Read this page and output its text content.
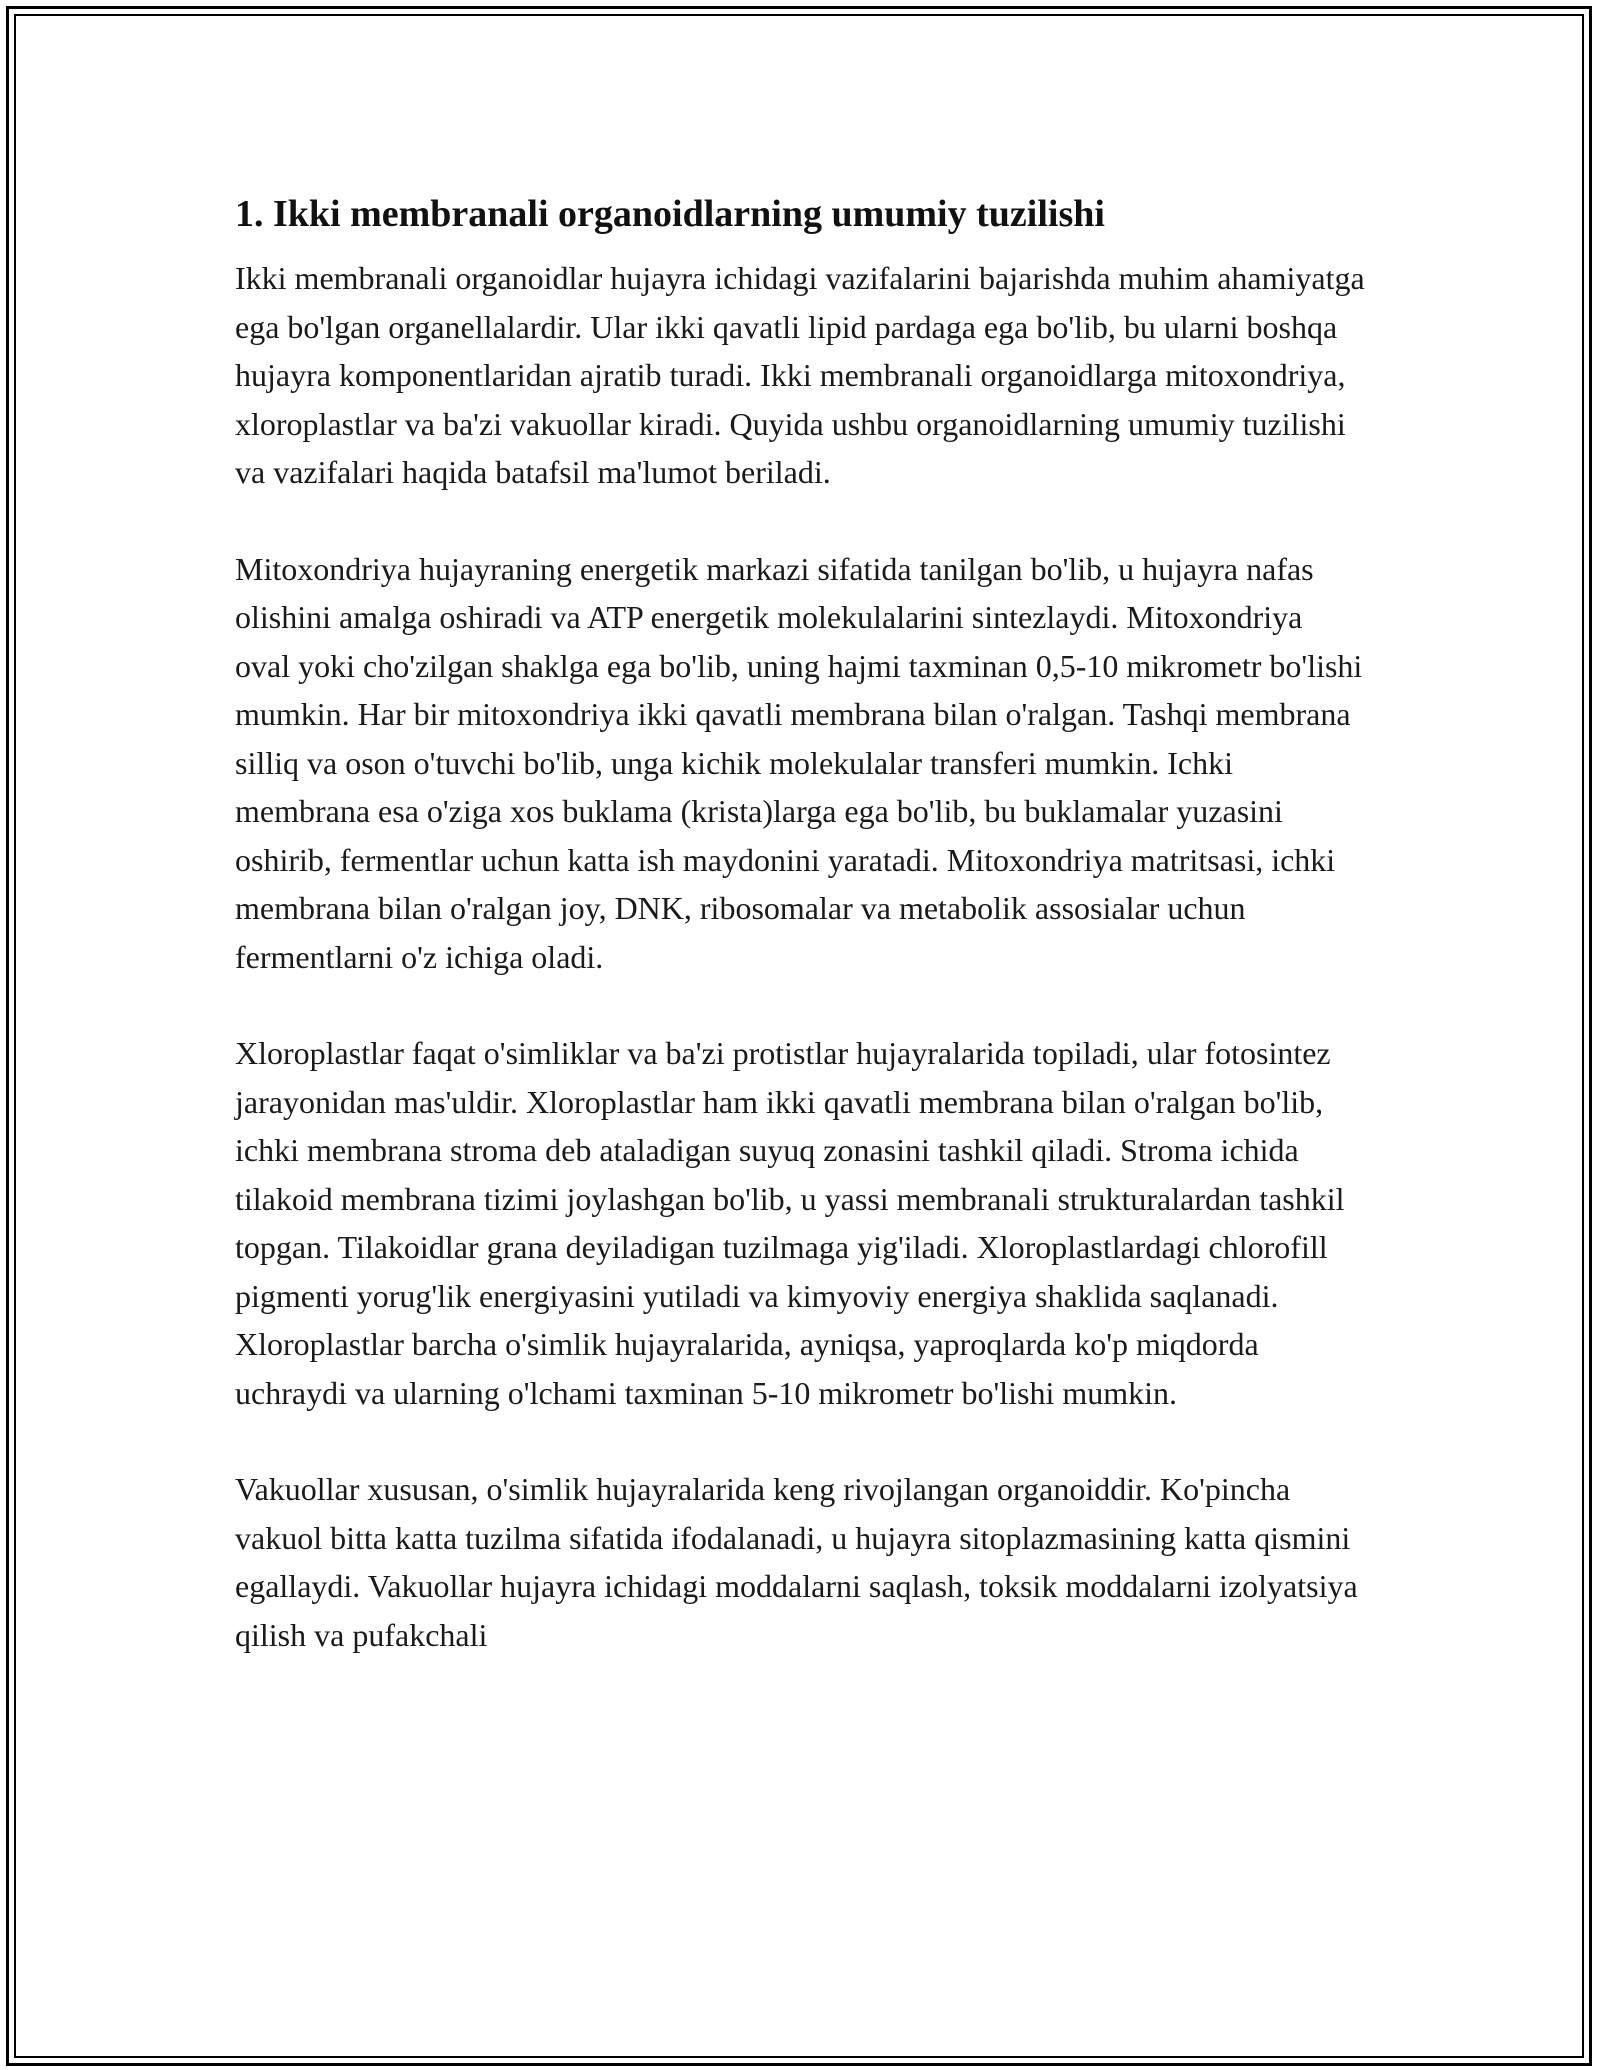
1. Ikki membranali organoidlarning umumiy tuzilishi

Ikki membranali organoidlar hujayra ichidagi vazifalarini bajarishda muhim ahamiyatga ega bo'lgan organellalardir. Ular ikki qavatli lipid pardaga ega bo'lib, bu ularni boshqa hujayra komponentlaridan ajratib turadi. Ikki membranali organoidlarga mitoxondriya, xloroplastlar va ba'zi vakuollar kiradi. Quyida ushbu organoidlarning umumiy tuzilishi va vazifalari haqida batafsil ma'lumot beriladi.

Mitoxondriya hujayraning energetik markazi sifatida tanilgan bo'lib, u hujayra nafas olishini amalga oshiradi va ATP energetik molekulalarini sintezlaydi. Mitoxondriya oval yoki cho'zilgan shaklga ega bo'lib, uning hajmi taxminan 0,5-10 mikrometr bo'lishi mumkin. Har bir mitoxondriya ikki qavatli membrana bilan o'ralgan. Tashqi membrana silliq va oson o'tuvchi bo'lib, unga kichik molekulalar transferi mumkin. Ichki membrana esa o'ziga xos buklama (krista)larga ega bo'lib, bu buklamalar yuzasini oshirib, fermentlar uchun katta ish maydonini yaratadi. Mitoxondriya matritsasi, ichki membrana bilan o'ralgan joy, DNK, ribosomalar va metabolik assosialar uchun fermentlarni o'z ichiga oladi.

Xloroplastlar faqat o'simliklar va ba'zi protistlar hujayralarida topiladi, ular fotosintez jarayonidan mas'uldir. Xloroplastlar ham ikki qavatli membrana bilan o'ralgan bo'lib, ichki membrana stroma deb ataladigan suyuq zonasini tashkil qiladi. Stroma ichida tilakoid membrana tizimi joylashgan bo'lib, u yassi membranali strukturalardan tashkil topgan. Tilakoidlar grana deyiladigan tuzilmaga yig'iladi. Xloroplastlardagi chlorofill pigmenti yorug'lik energiyasini yutiladi va kimyoviy energiya shaklida saqlanadi. Xloroplastlar barcha o'simlik hujayralarida, ayniqsa, yaproqlarda ko'p miqdorda uchraydi va ularning o'lchami taxminan 5-10 mikrometr bo'lishi mumkin.

Vakuollar xususan, o'simlik hujayralarida keng rivojlangan organoiddir. Ko'pincha vakuol bitta katta tuzilma sifatida ifodalanadi, u hujayra sitoplazmasining katta qismini egallaydi. Vakuollar hujayra ichidagi moddalarni saqlash, toksik moddalarni izolyatsiya qilish va pufakchali
